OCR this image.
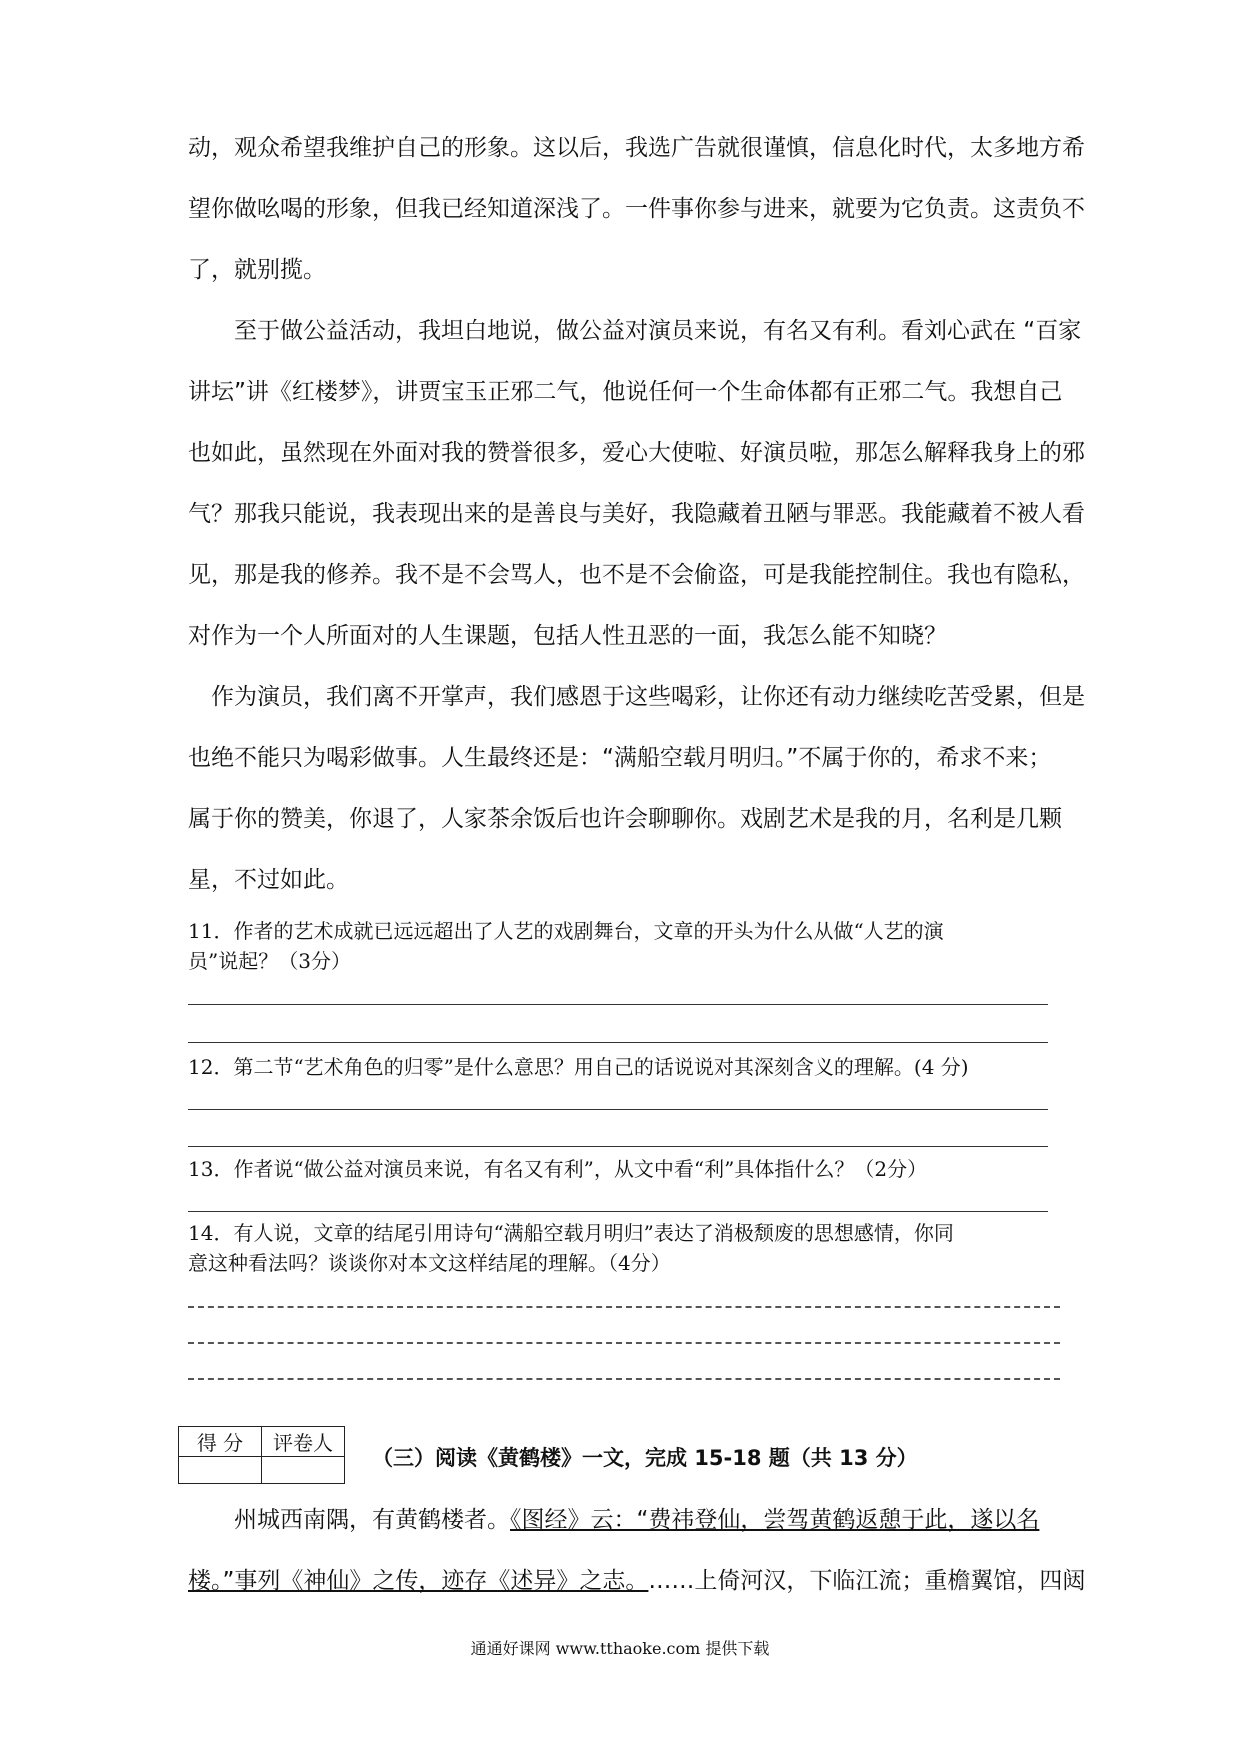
动，观众希望我维护自己的形象。这以后，我选广告就很谨慎，信息化时代，太多地方希
望你做吆喝的形象，但我已经知道深浅了。一件事你参与进来，就要为它负责。这责负不
了，就别揽。
　　至于做公益活动，我坦白地说，做公益对演员来说，有名又有利。看刘心武在 “百家
讲坛”讲《红楼梦》，讲贾宝玉正邪二气，他说任何一个生命体都有正邪二气。我想自己
也如此，虽然现在外面对我的赞誉很多，爱心大使啦、好演员啦，那怎么解释我身上的邪
气？那我只能说，我表现出来的是善良与美好，我隐藏着丑陋与罪恶。我能藏着不被人看
见，那是我的修养。我不是不会骂人，也不是不会偷盗，可是我能控制住。我也有隐私，
对作为一个人所面对的人生课题，包括人性丑恶的一面，我怎么能不知晓？
　作为演员，我们离不开掌声，我们感恩于这些喝彩，让你还有动力继续吃苦受累，但是
也绝不能只为喝彩做事。人生最终还是：“满船空载月明归。”不属于你的，希求不来；
属于你的赞美，你退了，人家茶余饭后也许会聊聊你。戏剧艺术是我的月，名利是几颗
星，不过如此。
11．作者的艺术成就已远远超出了人艺的戏剧舞台，文章的开头为什么从做“人艺的演
员”说起？（3分）
12．第二节“艺术角色的归零”是什么意思？用自己的话说说对其深刻含义的理解。(4 分)
13．作者说“做公益对演员来说，有名又有利”，从文中看“利”具体指什么？（2分）
14．有人说，文章的结尾引用诗句“满船空载月明归”表达了消极颓废的思想感情，你同
意这种看法吗？谈谈你对本文这样结尾的理解。（4分）
得 分	评卷人

（三）阅读《黄鹤楼》一文，完成 15-18 题（共 13 分）
　　州城西南隅，有黄鹤楼者。《图经》云：“费祎登仙，尝驾黄鹤返憩于此，遂以名
楼。”事列《神仙》之传，迹存《述异》之志。……上倚河汉，下临江流；重檐翼馆，四闼
通通好课网 www.tthaoke.com 提供下载
